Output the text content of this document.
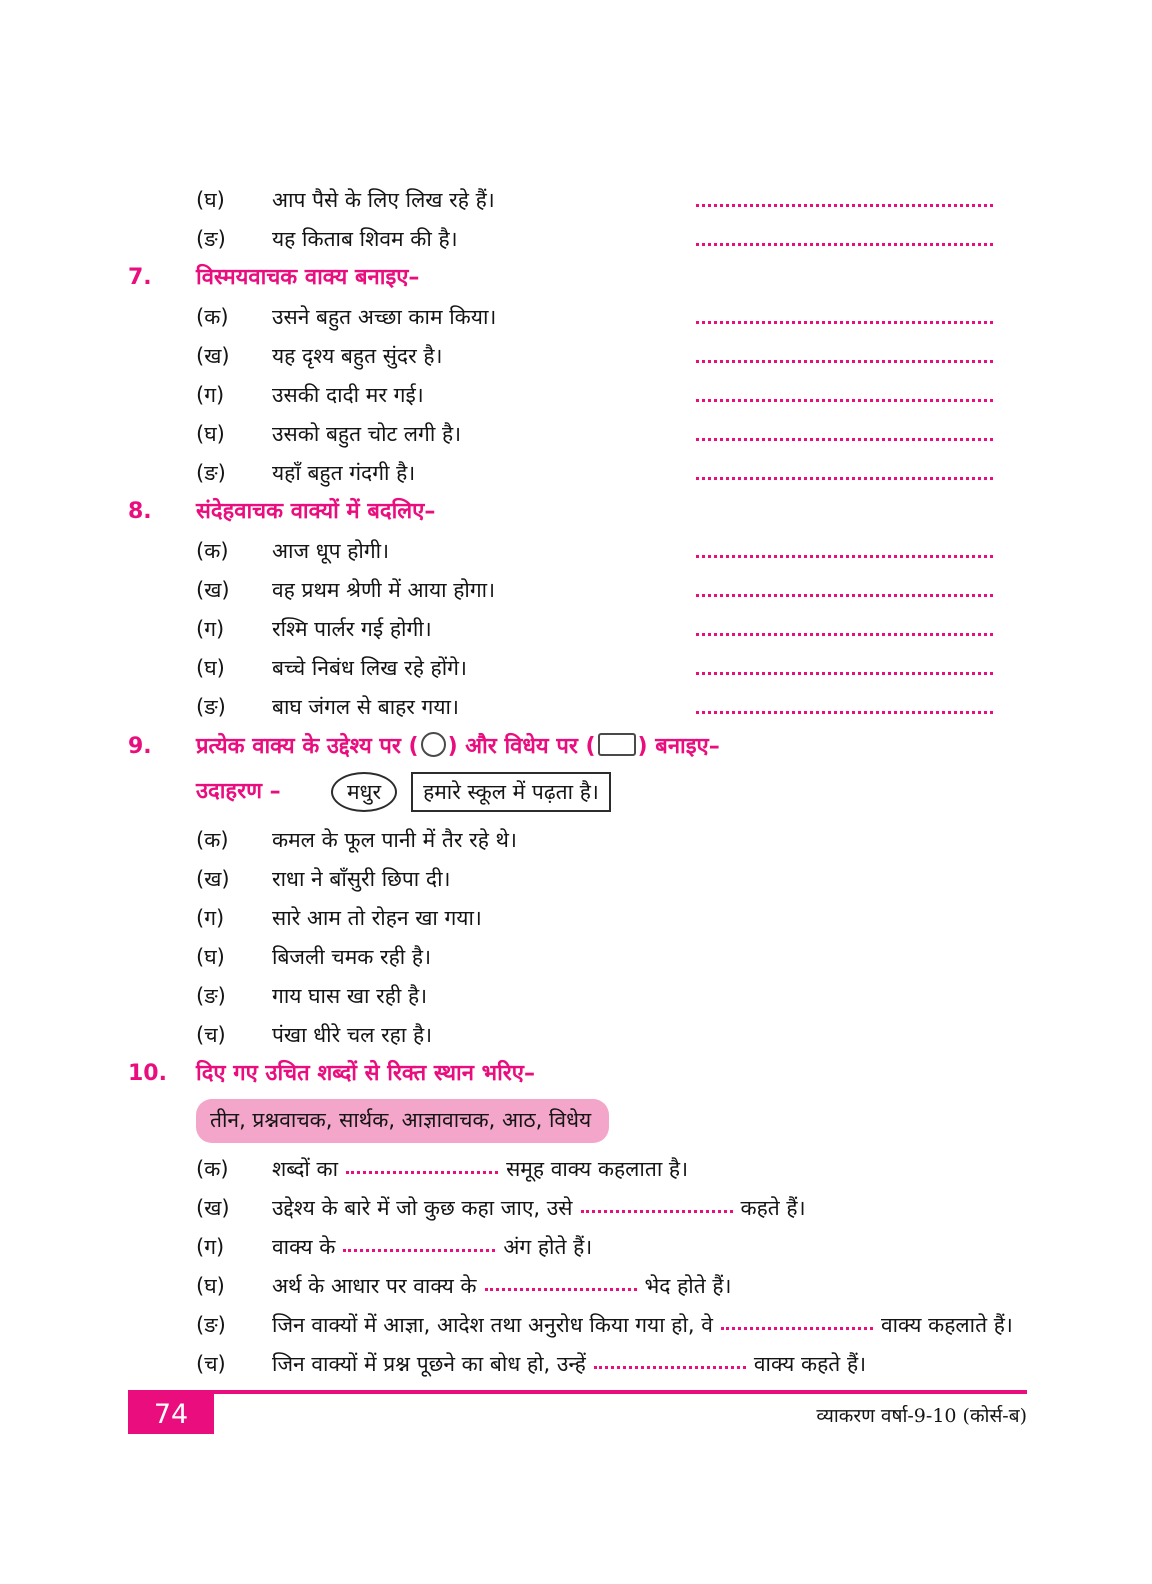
(घ)	आप पैसे के लिए लिख रहे हैं।
(ङ)	यह किताब शिवम की है।
7.	विस्मयवाचक वाक्य बनाइए–
(क)	उसने बहुत अच्छा काम किया।
(ख)	यह दृश्य बहुत सुंदर है।
(ग)	उसकी दादी मर गई।
(घ)	उसको बहुत चोट लगी है।
(ङ)	यहाँ बहुत गंदगी है।
8.	संदेहवाचक वाक्यों में बदलिए–
(क)	आज धूप होगी।
(ख)	वह प्रथम श्रेणी में आया होगा।
(ग)	रश्मि पार्लर गई होगी।
(घ)	बच्चे निबंध लिख रहे होंगे।
(ङ)	बाघ जंगल से बाहर गया।
9.	प्रत्येक वाक्य के उद्देश्य पर ( ) और विधेय पर ( ) बनाइए–
उदाहरण –	मधुर	हमारे स्कूल में पढ़ता है।
(क)	कमल के फूल पानी में तैर रहे थे।
(ख)	राधा ने बाँसुरी छिपा दी।
(ग)	सारे आम तो रोहन खा गया।
(घ)	बिजली चमक रही है।
(ङ)	गाय घास खा रही है।
(च)	पंखा धीरे चल रहा है।
10.	दिए गए उचित शब्दों से रिक्त स्थान भरिए–
तीन, प्रश्नवाचक, सार्थक, आज्ञावाचक, आठ, विधेय
(क)	शब्दों का	समूह वाक्य कहलाता है।
(ख)	उद्देश्य के बारे में जो कुछ कहा जाए, उसे	कहते हैं।
(ग)	वाक्य के	अंग होते हैं।
(घ)	अर्थ के आधार पर वाक्य के	भेद होते हैं।
(ङ)	जिन वाक्यों में आज्ञा, आदेश तथा अनुरोध किया गया हो, वे	वाक्य कहलाते हैं।
(च)	जिन वाक्यों में प्रश्न पूछने का बोध हो, उन्हें	वाक्य कहते हैं।
74	व्याकरण वर्षा-9-10 (कोर्स-ब)
